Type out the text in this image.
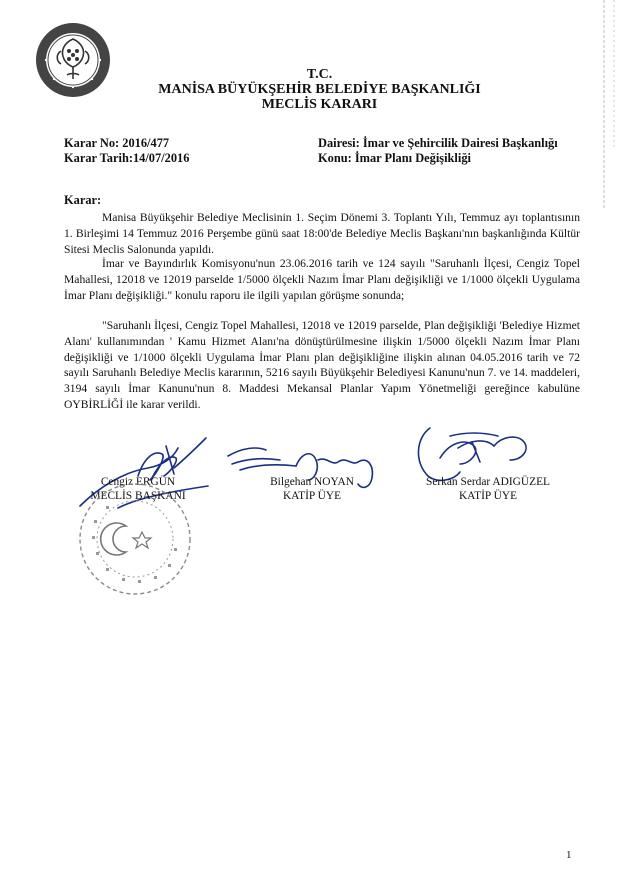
T.C.
MANİSA BÜYÜKŞEHİR BELEDİYE BAŞKANLIĞI
MECLİS KARARI
Karar No: 2016/477
Karar Tarih:14/07/2016
Dairesi: İmar ve Şehircilik Dairesi Başkanlığı
Konu: İmar Planı Değişikliği
Karar:

Manisa Büyükşehir Belediye Meclisinin 1. Seçim Dönemi 3. Toplantı Yılı, Temmuz ayı toplantısının 1. Birleşimi 14 Temmuz 2016 Perşembe günü saat 18:00'de Belediye Meclis Başkanı'nın başkanlığında Kültür Sitesi Meclis Salonunda yapıldı.

İmar ve Bayındırlık Komisyonu'nun 23.06.2016 tarih ve 124 sayılı "Saruhanlı İlçesi, Cengiz Topel Mahallesi, 12018 ve 12019 parselde 1/5000 ölçekli Nazım İmar Planı değişikliği ve 1/1000 ölçekli Uygulama İmar Planı değişikliği." konulu raporu ile ilgili yapılan görüşme sonunda;

"Saruhanlı İlçesi, Cengiz Topel Mahallesi, 12018 ve 12019 parselde, Plan değişikliği 'Belediye Hizmet Alanı' kullanımından ' Kamu Hizmet Alanı'na dönüştürülmesine ilişkin 1/5000 ölçekli Nazım İmar Planı değişikliği ve 1/1000 ölçekli Uygulama İmar Planı plan değişikliğine ilişkin alınan 04.05.2016 tarih ve 72 sayılı Saruhanlı Belediye Meclis kararının, 5216 sayılı Büyükşehir Belediyesi Kanunu'nun 7. ve 14. maddeleri, 3194 sayılı İmar Kanunu'nun 8. Maddesi Mekansal Planlar Yapım Yönetmeliği gereğince kabulüne OYBİRLİĞİ ile karar verildi.

Cengiz ERGÜN
MECLİS BAŞKANI
Bilgehan NOYAN
KATİP ÜYE
Serkan Serdar ADIGÜZEL
KATİP ÜYE
1
